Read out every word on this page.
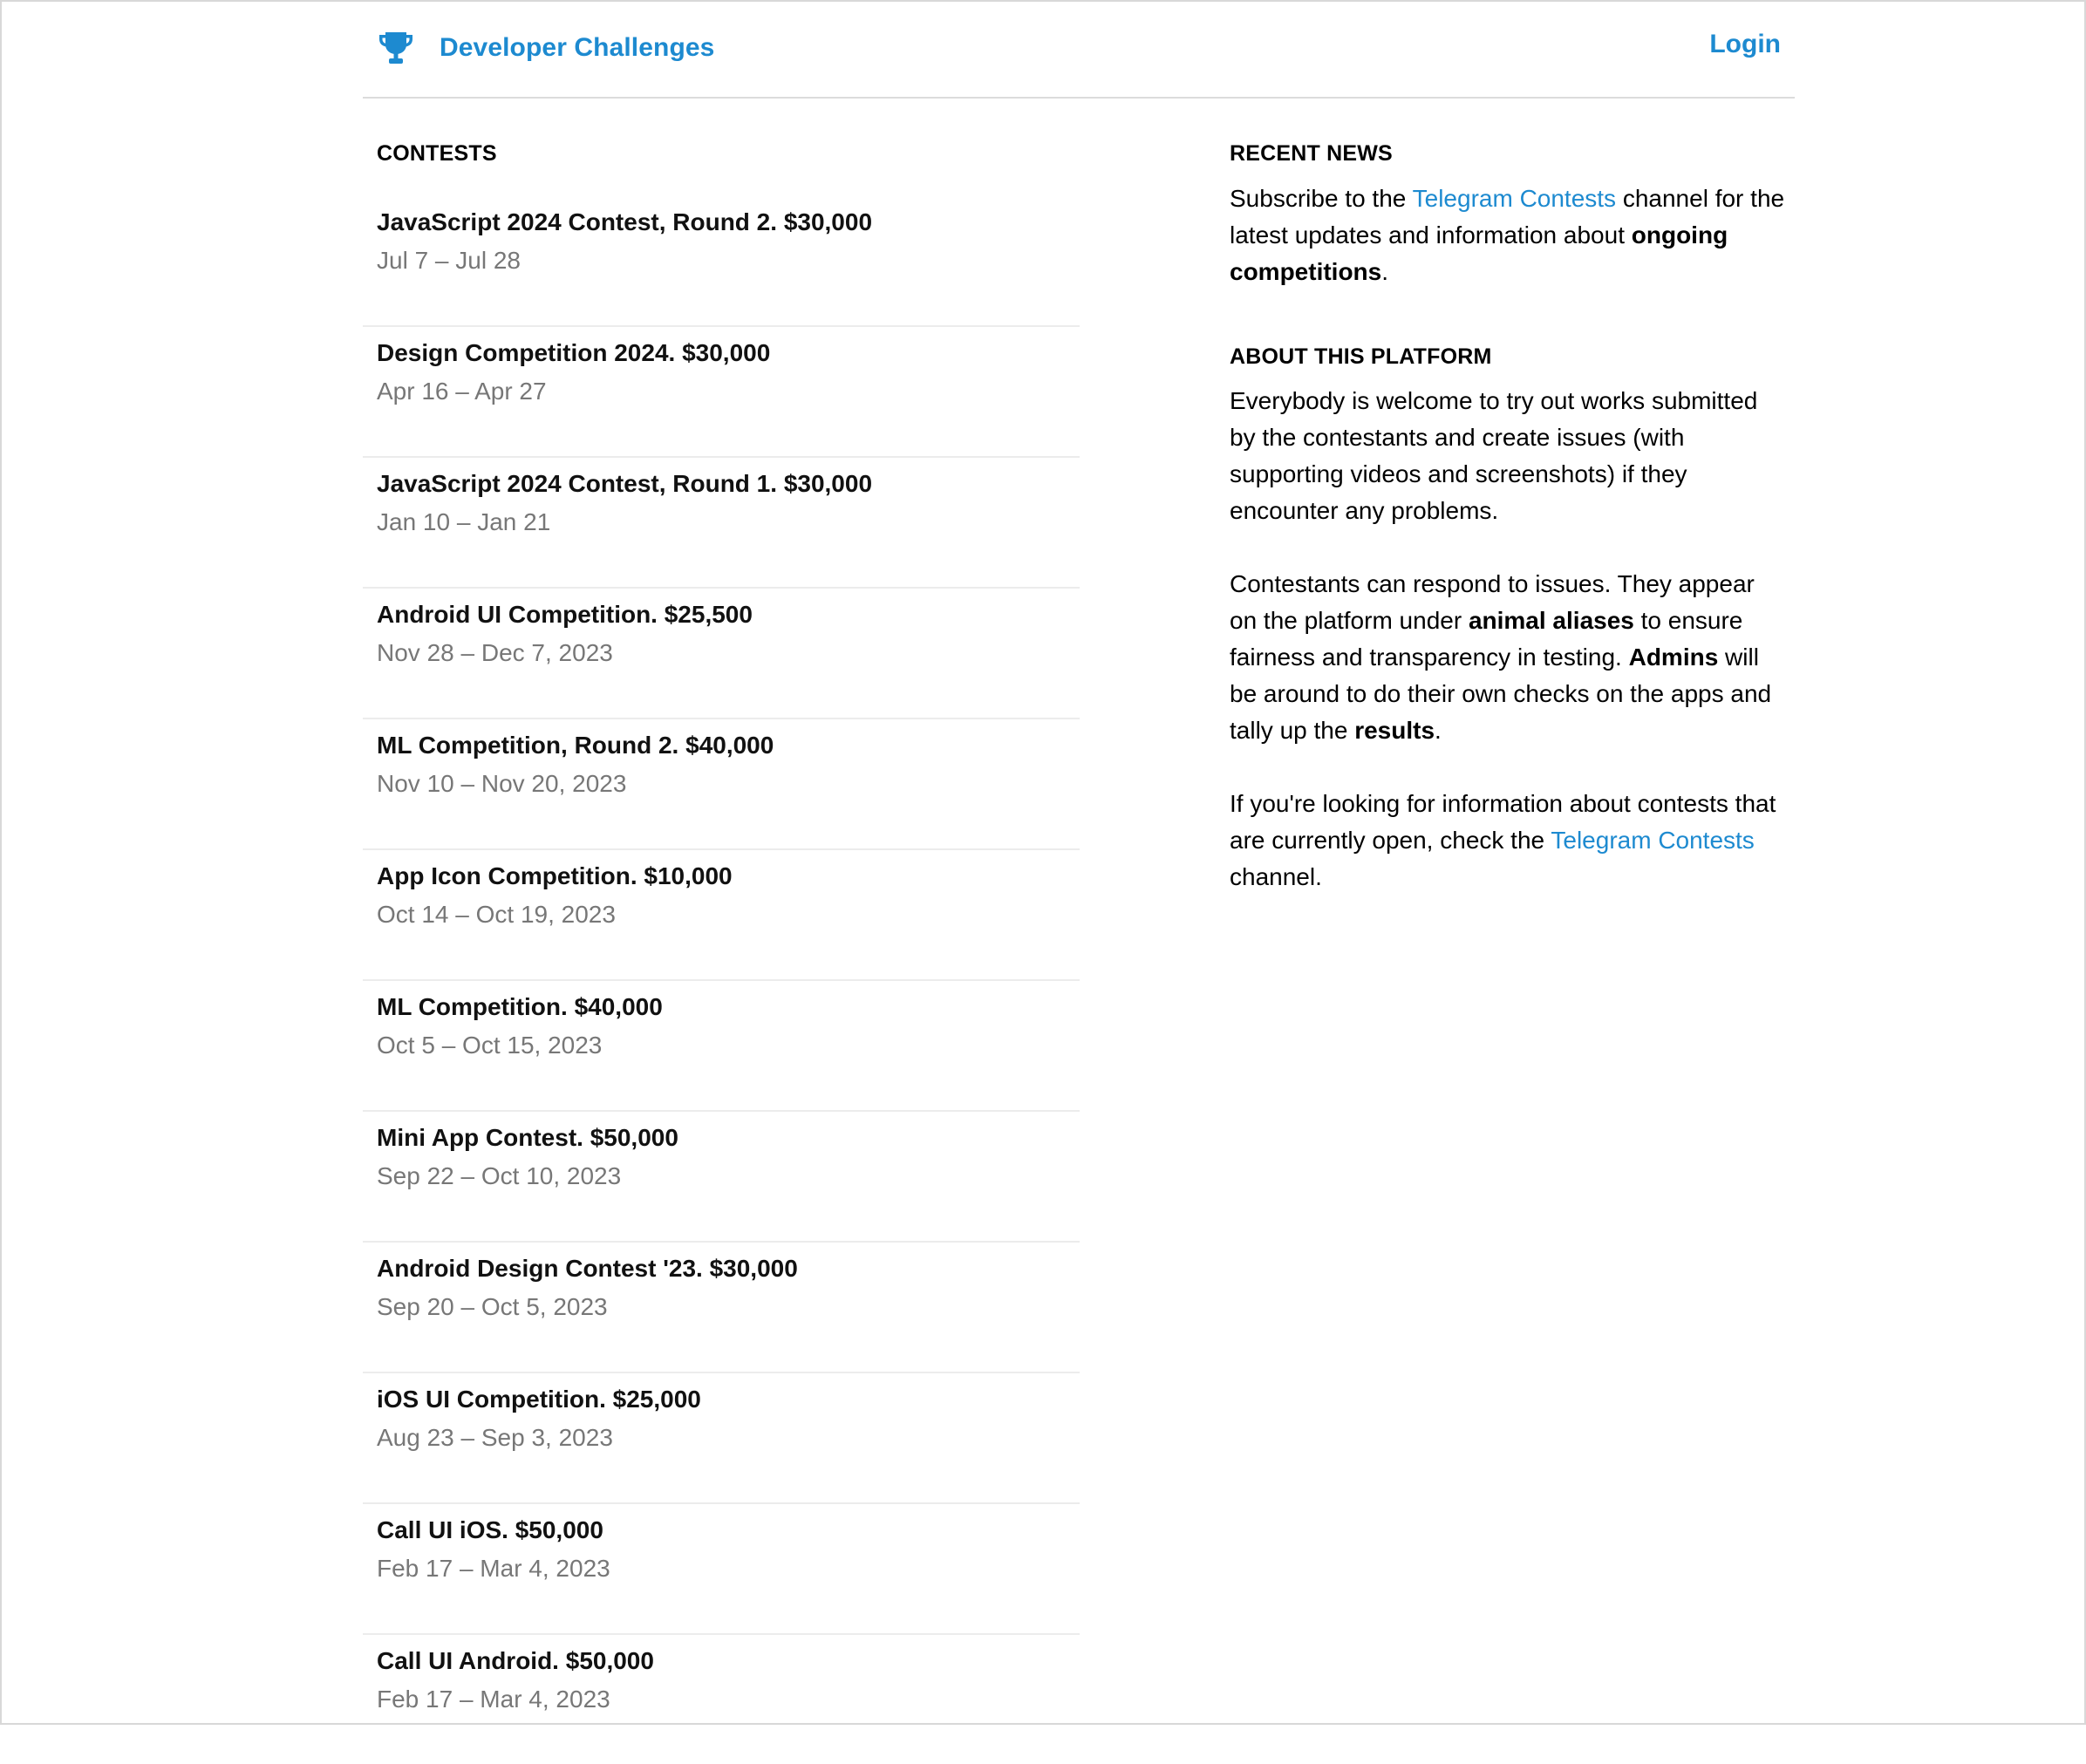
Developer Challenges	Login
CONTESTS
JavaScript 2024 Contest, Round 2. $30,000
Jul 7 – Jul 28
Design Competition 2024. $30,000
Apr 16 – Apr 27
JavaScript 2024 Contest, Round 1. $30,000
Jan 10 – Jan 21
Android UI Competition. $25,500
Nov 28 – Dec 7, 2023
ML Competition, Round 2. $40,000
Nov 10 – Nov 20, 2023
App Icon Competition. $10,000
Oct 14 – Oct 19, 2023
ML Competition. $40,000
Oct 5 – Oct 15, 2023
Mini App Contest. $50,000
Sep 22 – Oct 10, 2023
Android Design Contest '23. $30,000
Sep 20 – Oct 5, 2023
iOS UI Competition. $25,000
Aug 23 – Sep 3, 2023
Call UI iOS. $50,000
Feb 17 – Mar 4, 2023
Call UI Android. $50,000
Feb 17 – Mar 4, 2023
RECENT NEWS

Subscribe to the Telegram Contests channel for the latest updates and information about ongoing competitions.

ABOUT THIS PLATFORM

Everybody is welcome to try out works submitted by the contestants and create issues (with supporting videos and screenshots) if they encounter any problems.

Contestants can respond to issues. They appear on the platform under animal aliases to ensure fairness and transparency in testing. Admins will be around to do their own checks on the apps and tally up the results.

If you're looking for information about contests that are currently open, check the Telegram Contests channel.
